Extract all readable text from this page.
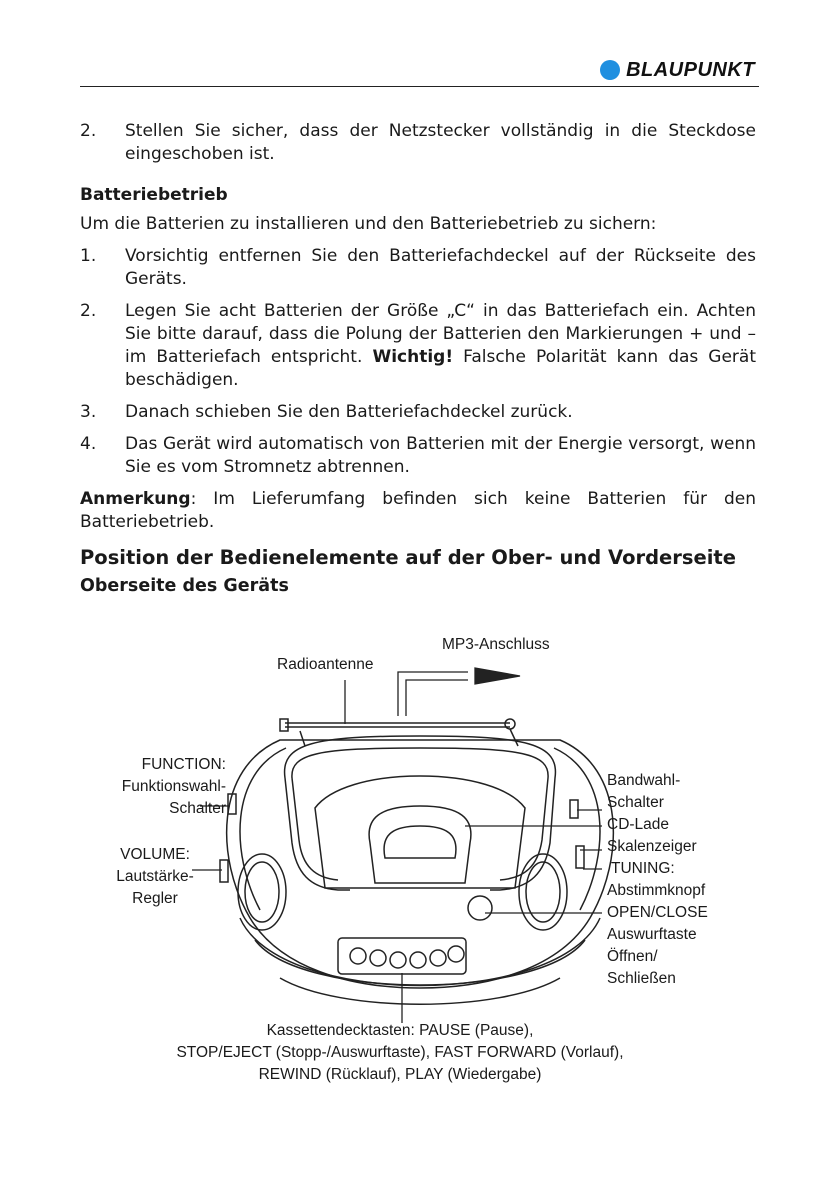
BLAUPUNKT
2.	Stellen Sie sicher, dass der Netzstecker vollständig in die Steckdose eingeschoben ist.

Batteriebetrieb

Um die Batterien zu installieren und den Batteriebetrieb zu sichern:

1.	Vorsichtig entfernen Sie den Batteriefachdeckel auf der Rückseite des Geräts.
2.	Legen Sie acht Batterien der Größe „C“ in das Batteriefach ein. Achten Sie bitte darauf, dass die Polung der Batterien den Markierungen + und – im Batteriefach entspricht. Wichtig! Falsche Polarität kann das Gerät beschädigen.
3.	Danach schieben Sie den Batteriefachdeckel zurück.
4.	Das Gerät wird automatisch von Batterien mit der Energie versorgt, wenn Sie es vom Stromnetz abtrennen.

Anmerkung: Im Lieferumfang befinden sich keine Batterien für den Batteriebetrieb.

Position der Bedienelemente auf der Ober- und Vorderseite

Oberseite des Geräts

MP3-Anschluss
Radioantenne
FUNCTION:
Funktionswahl-
Schalter
VOLUME:
Lautstärke-
Regler
Bandwahl-
Schalter
CD-Lade
Skalenzeiger
TUNING:
Abstimmknopf
OPEN/CLOSE
Auswurftaste
Öffnen/
Schließen
Kassettendecktasten: PAUSE (Pause),
STOP/EJECT (Stopp-/Auswurftaste), FAST FORWARD (Vorlauf),
REWIND (Rücklauf), PLAY (Wiedergabe)
